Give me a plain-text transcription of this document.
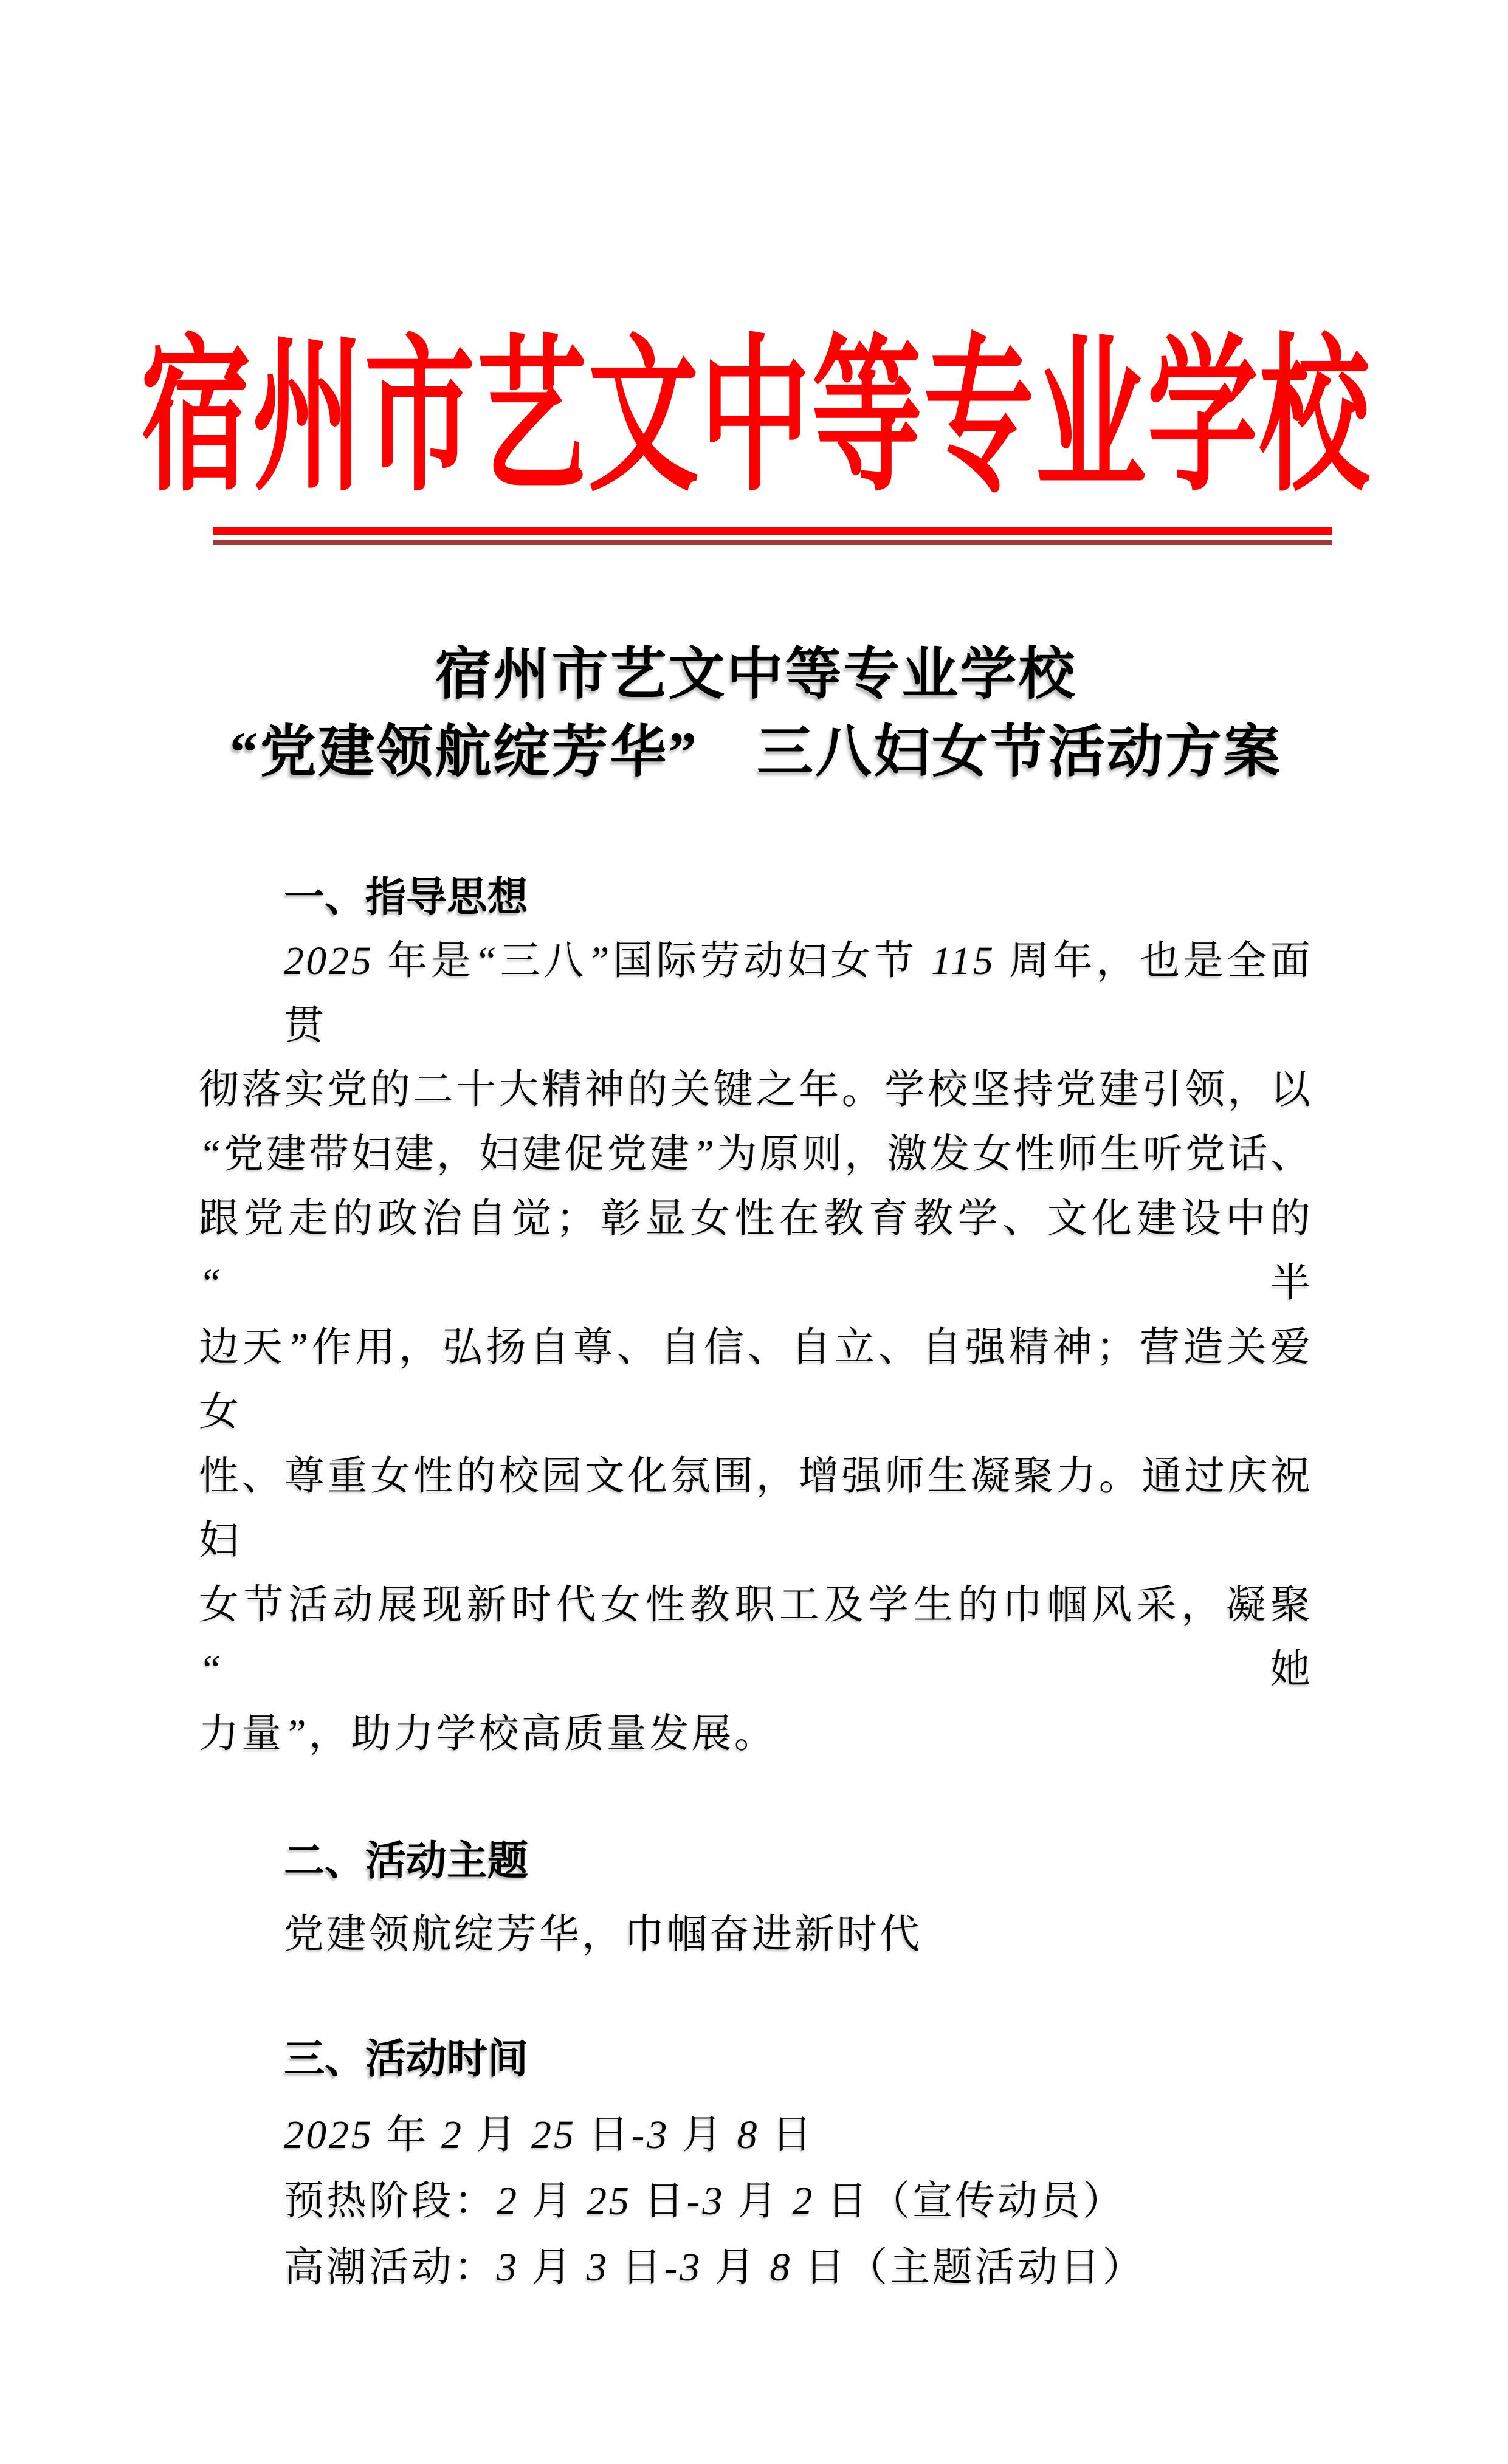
宿州市艺文中等专业学校
宿州市艺文中等专业学校
“党建领航绽芳华”　三八妇女节活动方案
一、指导思想
2025 年是“三八”国际劳动妇女节 115 周年，也是全面贯
彻落实党的二十大精神的关键之年。学校坚持党建引领，以
“党建带妇建，妇建促党建”为原则，激发女性师生听党话、
跟党走的政治自觉；彰显女性在教育教学、文化建设中的“半
边天”作用，弘扬自尊、自信、自立、自强精神；营造关爱女
性、尊重女性的校园文化氛围，增强师生凝聚力。通过庆祝妇
女节活动展现新时代女性教职工及学生的巾帼风采，凝聚“她
力量”，助力学校高质量发展。
二、活动主题
党建领航绽芳华，巾帼奋进新时代
三、活动时间
2025 年 2 月 25 日-3 月 8 日
预热阶段：2 月 25 日-3 月 2 日（宣传动员）
高潮活动：3 月 3 日-3 月 8 日（主题活动日）
